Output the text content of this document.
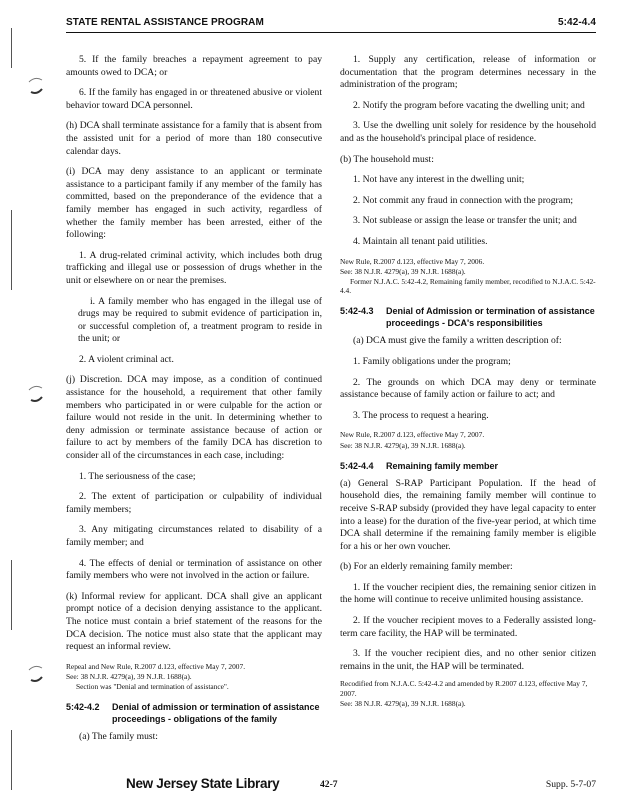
STATE RENTAL ASSISTANCE PROGRAM	5:42-4.4

5. If the family breaches a repayment agreement to pay amounts owed to DCA; or

6. If the family has engaged in or threatened abusive or violent behavior toward DCA personnel.

(h) DCA shall terminate assistance for a family that is absent from the assisted unit for a period of more than 180 consecutive calendar days.

(i) DCA may deny assistance to an applicant or terminate assistance to a participant family if any member of the family has committed, based on the preponderance of the evidence that a family member has engaged in such activity, regardless of whether the family member has been arrested, either of the following:

1. A drug-related criminal activity, which includes both drug trafficking and illegal use or possession of drugs whether in the unit or elsewhere on or near the premises.

i. A family member who has engaged in the illegal use of drugs may be required to submit evidence of participation in, or successful completion of, a treatment program to reside in the unit; or

2. A violent criminal act.

(j) Discretion. DCA may impose, as a condition of continued assistance for the household, a requirement that other family members who participated in or were culpable for the action or failure would not reside in the unit. In determining whether to deny admission or terminate assistance because of action or failure to act by members of the family DCA has discretion to consider all of the circumstances in each case, including:

1. The seriousness of the case;

2. The extent of participation or culpability of individual family members;

3. Any mitigating circumstances related to disability of a family member; and

4. The effects of denial or termination of assistance on other family members who were not involved in the action or failure.

(k) Informal review for applicant. DCA shall give an applicant prompt notice of a decision denying assistance to the applicant. The notice must contain a brief statement of the reasons for the DCA decision. The notice must also state that the applicant may request an informal review.

Repeal and New Rule, R.2007 d.123, effective May 7, 2007.

See: 38 N.J.R. 4279(a), 39 N.J.R. 1688(a).

Section was "Denial and termination of assistance".

5:42-4.2	Denial of admission or termination of assistance proceedings - obligations of the family

(a) The family must:

1. Supply any certification, release of information or documentation that the program determines necessary in the administration of the program;

2. Notify the program before vacating the dwelling unit; and

3. Use the dwelling unit solely for residence by the household and as the household's principal place of residence.

(b) The household must:

1. Not have any interest in the dwelling unit;

2. Not commit any fraud in connection with the program;

3. Not sublease or assign the lease or transfer the unit; and

4. Maintain all tenant paid utilities.

New Rule, R.2007 d.123, effective May 7, 2006.

See: 38 N.J.R. 4279(a), 39 N.J.R. 1688(a).

Former N.J.A.C. 5:42-4.2, Remaining family member, recodified to N.J.A.C. 5:42-4.4.

5:42-4.3	Denial of Admission or termination of assistance proceedings - DCA's responsibilities

(a) DCA must give the family a written description of:

1. Family obligations under the program;

2. The grounds on which DCA may deny or terminate assistance because of family action or failure to act; and

3. The process to request a hearing.

New Rule, R.2007 d.123, effective May 7, 2007.

See: 38 N.J.R. 4279(a), 39 N.J.R. 1688(a).

5:42-4.4	Remaining family member

(a) General S-RAP Participant Population. If the head of household dies, the remaining family member will continue to receive S-RAP subsidy (provided they have legal capacity to enter into a lease) for the duration of the five-year period, at which time DCA shall determine if the remaining family member is eligible for a his or her own voucher.

(b) For an elderly remaining family member:

1. If the voucher recipient dies, the remaining senior citizen in the home will continue to receive unlimited housing assistance.

2. If the voucher recipient moves to a Federally assisted long-term care facility, the HAP will be terminated.

3. If the voucher recipient dies, and no other senior citizen remains in the unit, the HAP will be terminated.

Recodified from N.J.A.C. 5:42-4.2 and amended by R.2007 d.123, effective May 7, 2007.

See: 38 N.J.R. 4279(a), 39 N.J.R. 1688(a).

New Jersey State Library	42-7	Supp. 5-7-07
